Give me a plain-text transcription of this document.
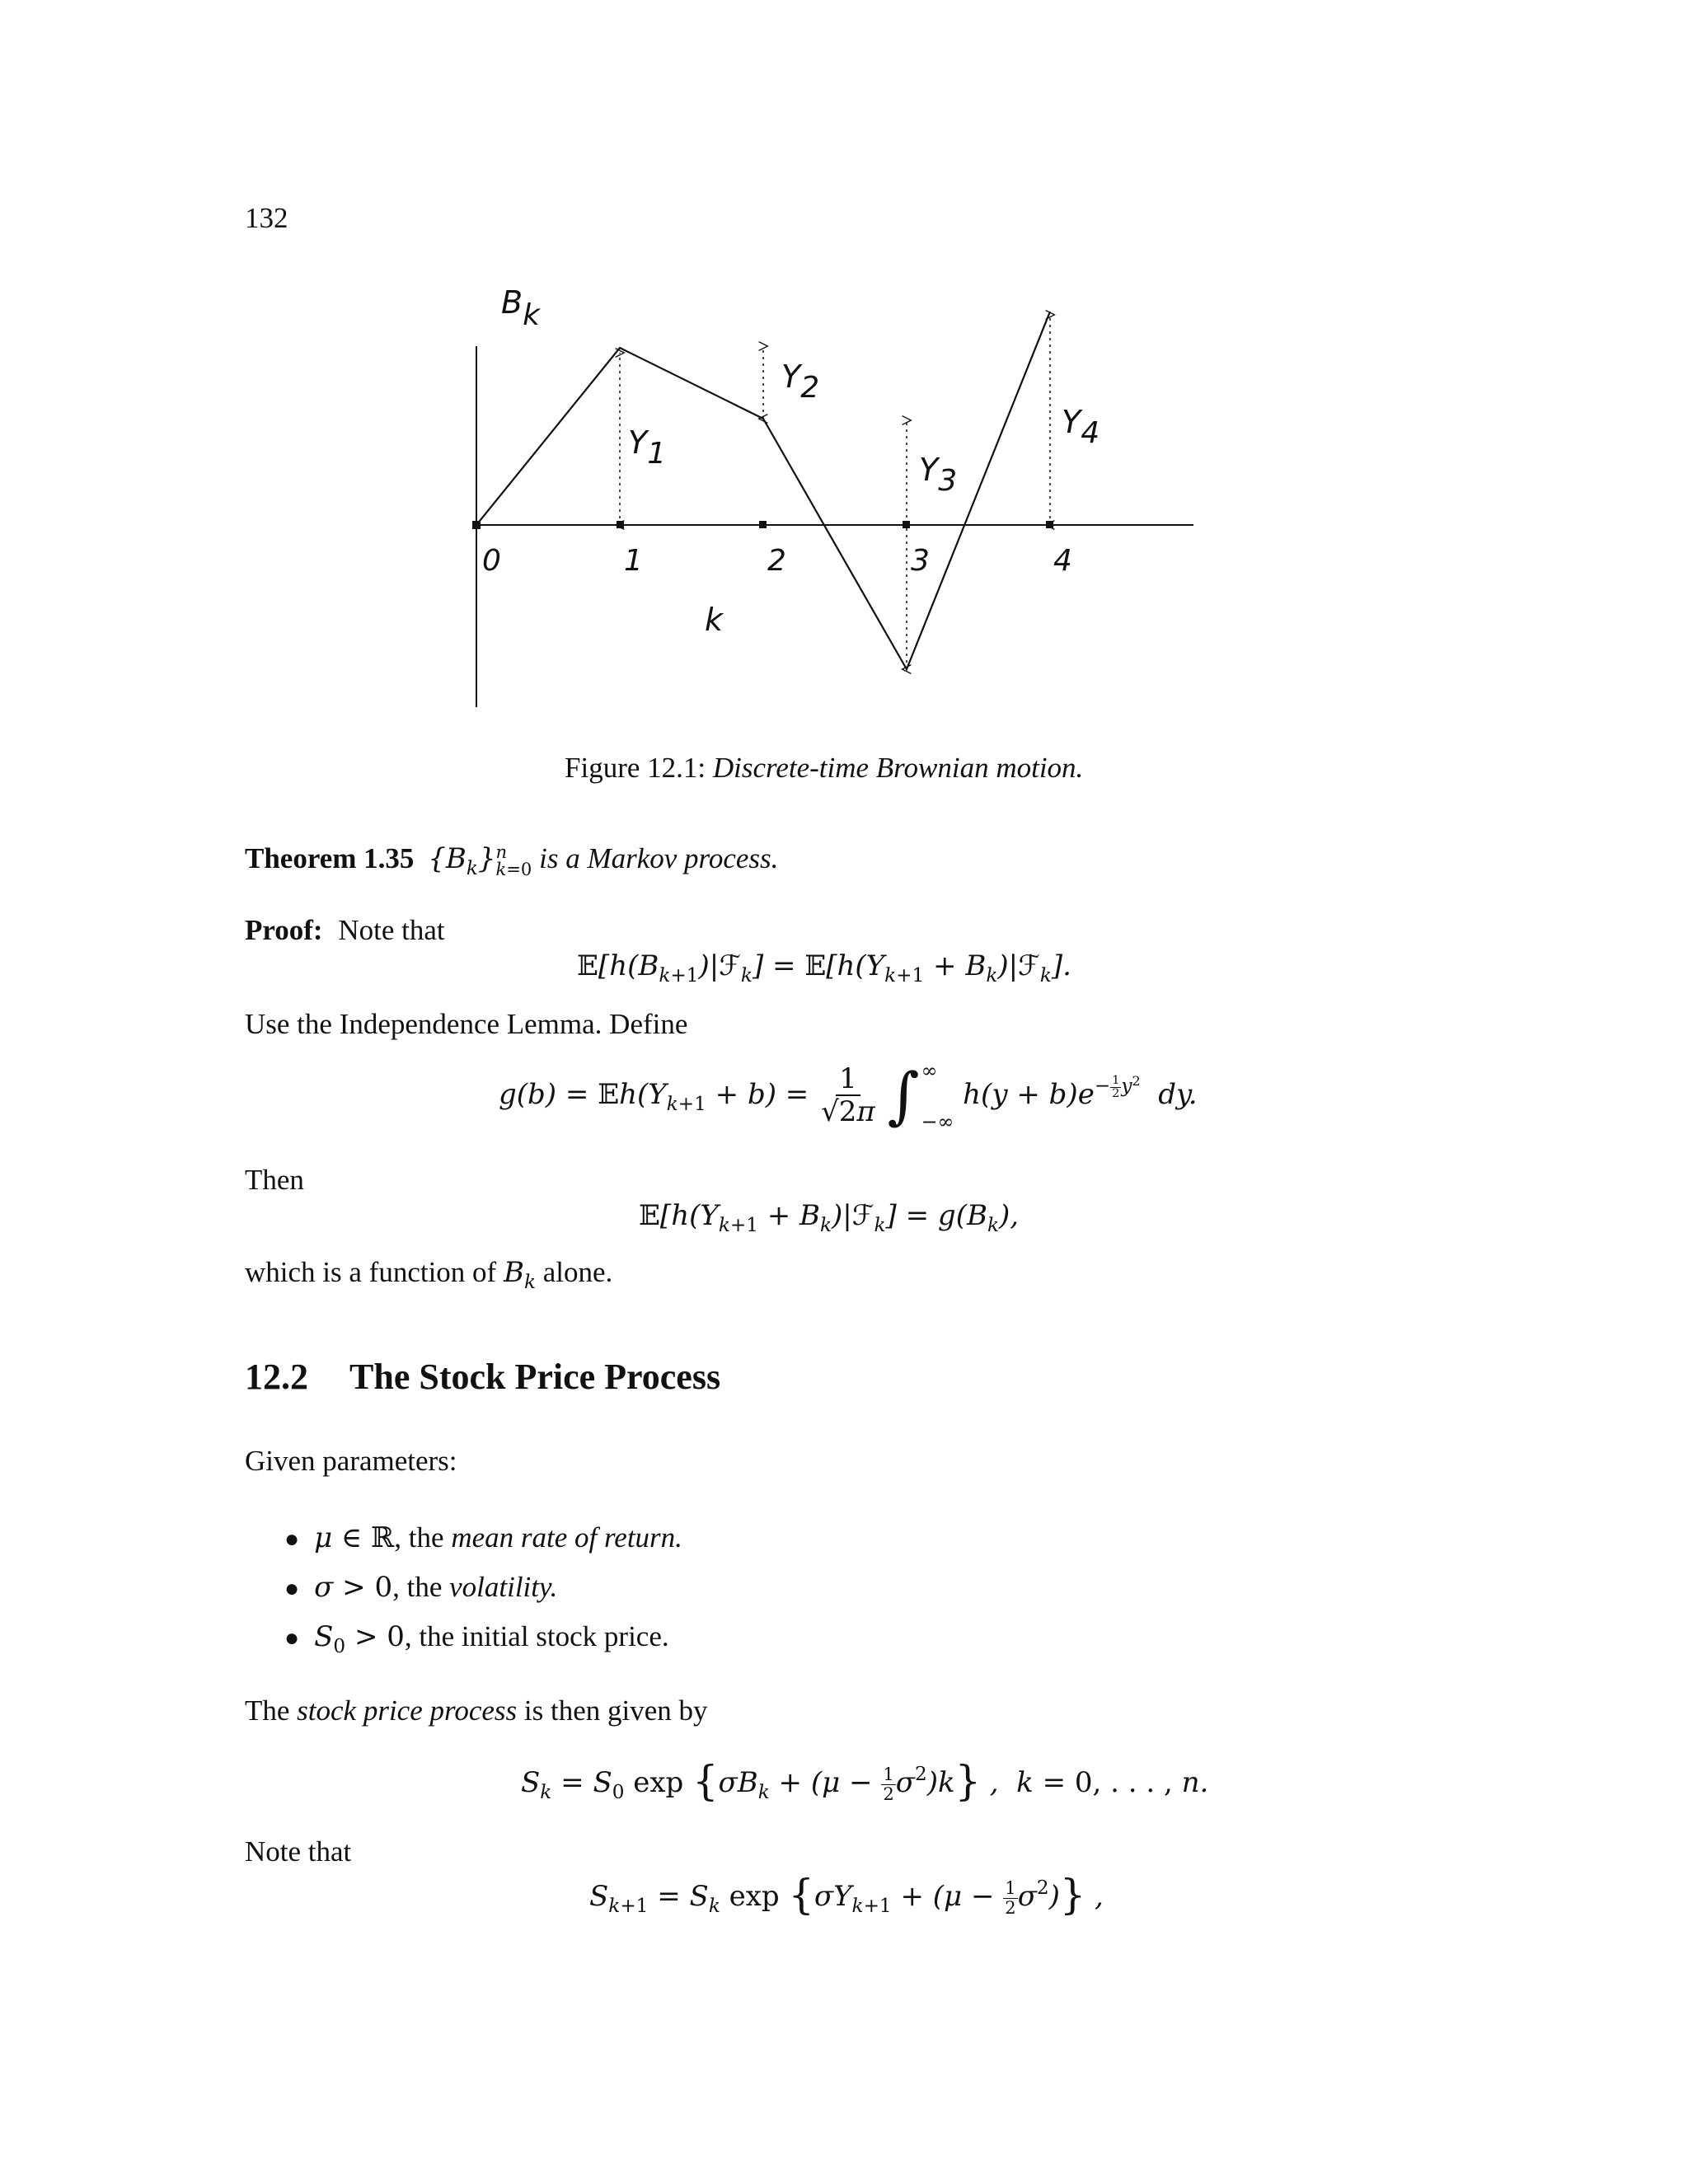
132
Bk
0	1	2	3	4
k
Y1
Y2
Y3
Y4
Figure 12.1: Discrete-time Brownian motion.
Theorem 1.35 $\{B_k\}$ n
k=0 is a Markov process.
Proof: Note that
$𝔼[h(B_{k+1})|ℱ_k]$ = $𝔼[h(Y_{k+1}$ + $B_k)|ℱ_k$].
Use the Independence Lemma. Define
$g(b) = 𝔼h(Y_{k+1} + b) = \frac{1}{√2\pi}$
∫ ∞
−∞
$h(y + b)e^{- \frac{1}{2} y^2}$ dy.
Then
$𝔼[h(Y_{k+1}$ + $B_k)|ℱ_k] = g(B_k)$,
which is a function of $B_k$ alone.
12.2 The Stock Price Process
Given parameters:
● μ ∈ ℝ, the mean rate of return.
● σ > 0, the volatility.
● $S_0 > 0$, the initial stock price.
The stock price process is then given by
$S_k = S_0$ $\exp \{\sigma B_k + (\mu - \frac{1}{2} \sigma^2)k\}$ ,  k = 0, . . . , n.
Note that
$S_{k+1} = S_k$ $\exp \{\sigma Y_{k+1} + (\mu - \frac{1}{2} \sigma^2)\}$ ,
